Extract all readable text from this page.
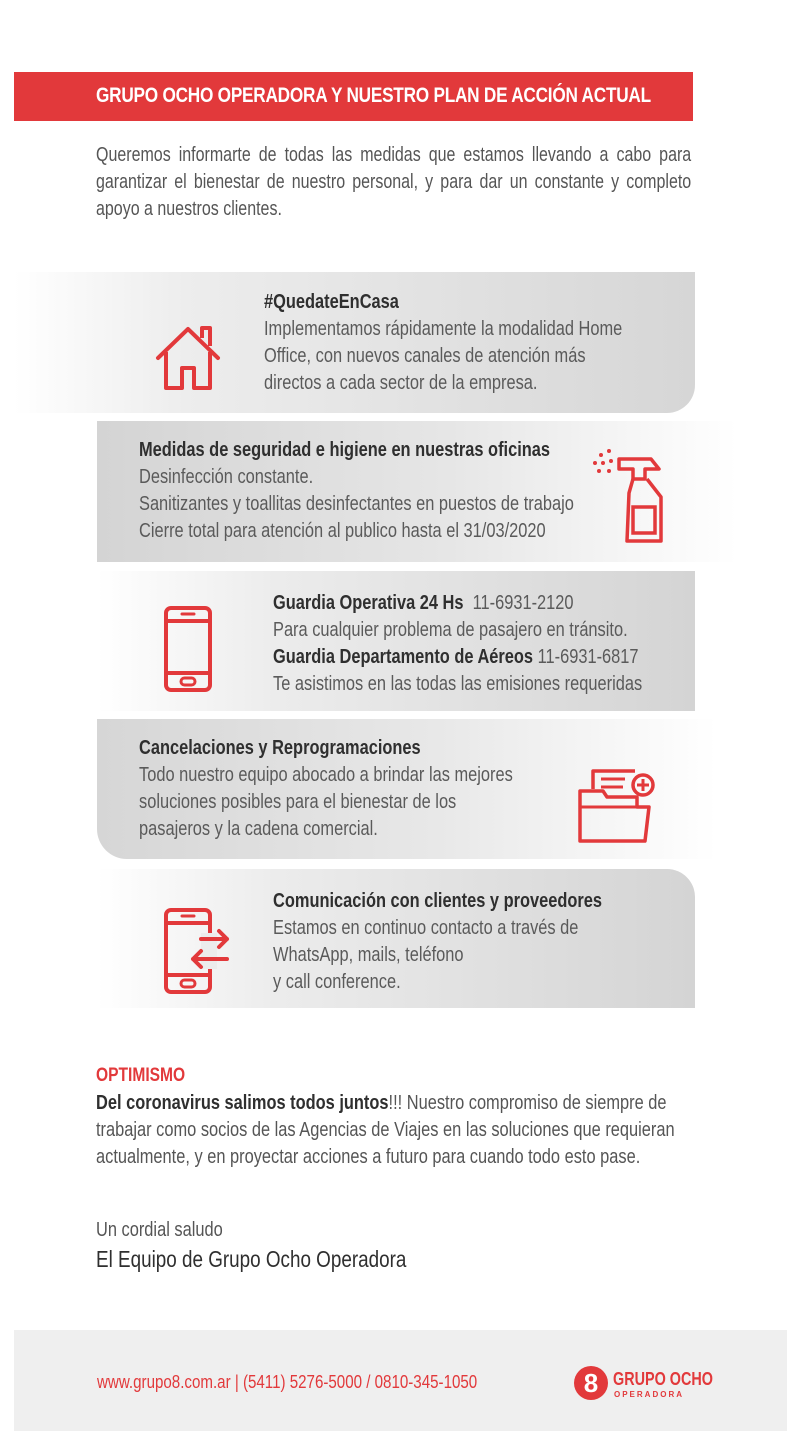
GRUPO OCHO OPERADORA Y NUESTRO PLAN DE ACCIÓN ACTUAL
Queremos informarte de todas las medidas que estamos llevando a cabo para garantizar el bienestar de nuestro personal, y para dar un constante y completo apoyo a nuestros clientes.
#QuedateEnCasa
Implementamos rápidamente la modalidad Home
Office, con nuevos canales de atención más
directos a cada sector de la empresa.
Medidas de seguridad e higiene en nuestras oficinas
Desinfección constante.
Sanitizantes y toallitas desinfectantes en puestos de trabajo
Cierre total para atención al publico hasta el 31/03/2020
Guardia Operativa 24 Hs 11-6931-2120
Para cualquier problema de pasajero en tránsito.
Guardia Departamento de Aéreos 11-6931-6817
Te asistimos en las todas las emisiones requeridas
Cancelaciones y Reprogramaciones
Todo nuestro equipo abocado a brindar las mejores
soluciones posibles para el bienestar de los
pasajeros y la cadena comercial.
Comunicación con clientes y proveedores
Estamos en continuo contacto a través de
WhatsApp, mails, teléfono
y call conference.
OPTIMISMO
Del coronavirus salimos todos juntos!!! Nuestro compromiso de siempre de trabajar como socios de las Agencias de Viajes en las soluciones que requieran actualmente, y en proyectar acciones a futuro para cuando todo esto pase.
Un cordial saludo
El Equipo de Grupo Ocho Operadora
www.grupo8.com.ar | (5411) 5276-5000 / 0810-345-1050	8 GRUPO OCHO
OPERADORA
